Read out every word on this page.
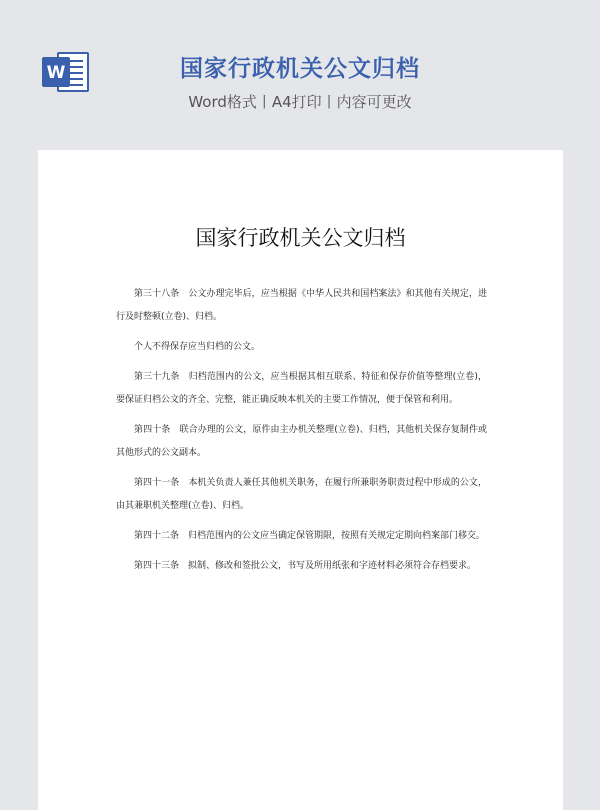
W	国家行政机关公文归档
Word格式丨A4打印丨内容可更改
国家行政机关公文归档

第三十八条　公文办理完毕后，应当根据《中华人民共和国档案法》和其他有关规定，进行及时整顿(立卷)、归档。

个人不得保存应当归档的公文。

第三十九条　归档范围内的公文，应当根据其相互联系、特征和保存价值等整理(立卷)，要保证归档公文的齐全、完整，能正确反映本机关的主要工作情况，便于保管和利用。

第四十条　联合办理的公文，原件由主办机关整理(立卷)、归档，其他机关保存复制件或其他形式的公文副本。

第四十一条　本机关负责人兼任其他机关职务，在履行所兼职务职责过程中形成的公文，由其兼职机关整理(立卷)、归档。

第四十二条　归档范围内的公文应当确定保管期限，按照有关规定定期向档案部门移交。

第四十三条　拟制、修改和签批公文，书写及所用纸张和字迹材料必须符合存档要求。
